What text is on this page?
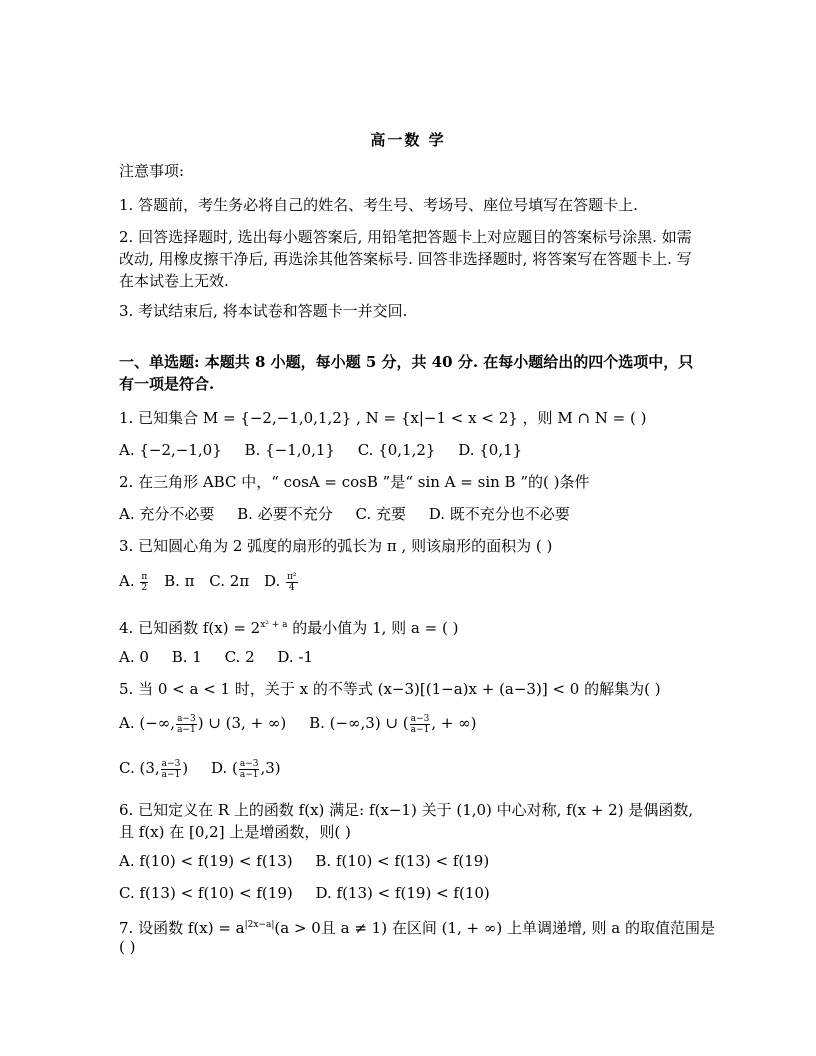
高一数 学
注意事项:
1. 答题前，考生务必将自己的姓名、考生号、考场号、座位号填写在答题卡上.
2. 回答选择题时, 选出每小题答案后, 用铅笔把答题卡上对应题目的答案标号涂黑. 如需改动, 用橡皮擦干净后, 再选涂其他答案标号. 回答非选择题时, 将答案写在答题卡上. 写在本试卷上无效.
3. 考试结束后, 将本试卷和答题卡一并交回.
一、单选题: 本题共 8 小题，每小题 5 分，共 40 分. 在每小题给出的四个选项中，只有一项是符合.
1. 已知集合 M = {−2,−1,0,1,2} , N = {x|−1 < x < 2} ，则 M ∩ N = ( )
A. {−2,−1,0} B. {−1,0,1} C. {0,1,2} D. {0,1}
2. 在三角形 ABC 中，“ cosA = cosB ”是“ sin A = sin B ”的( )条件
A. 充分不必要 B. 必要不充分 C. 充要 D. 既不充分也不必要
3. 已知圆心角为 2 弧度的扇形的弧长为 π , 则该扇形的面积为 ( )
A. $\frac{\pi}{2} B$. π C. 2π D. $\frac{\text{π²}}{4}$
4. 已知函数 $f(x) = 2^{x^2 + a}$ 的最小值为 1, 则 a = ( )
A. 0 B. 1 C. 2 D. -1
5. 当 0 < a < 1 时，关于 x 的不等式 (x−3)[(1−a)x + (a−3)] < 0 的解集为( )
A. (−∞, $\frac{a-3}{a-1}$ ) ∪ (3, + ∞) B. (−∞,3) ∪ ( $\frac{a-3}{a-1}$ , + ∞)
C. (3, $\frac{a-3}{a-1}$ ) D. ( $\frac{a-3}{a-1} ,3$)
6. 已知定义在 R 上的函数 f(x) 满足: f(x−1) 关于 (1,0) 中心对称, f(x + 2) 是偶函数, 且 f(x) 在 [0,2] 上是增函数，则( )
A. f(10) < f(19) < f(13) B. f(10) < f(13) < f(19)
C. f(13) < f(10) < f(19) D. f(13) < f(19) < f(10)
7. 设函数 $f(x) = a^{|2x-a|}(a > 0$且 a ≠ 1) 在区间 (1, + ∞) 上单调递增, 则 a 的取值范围是
( )
